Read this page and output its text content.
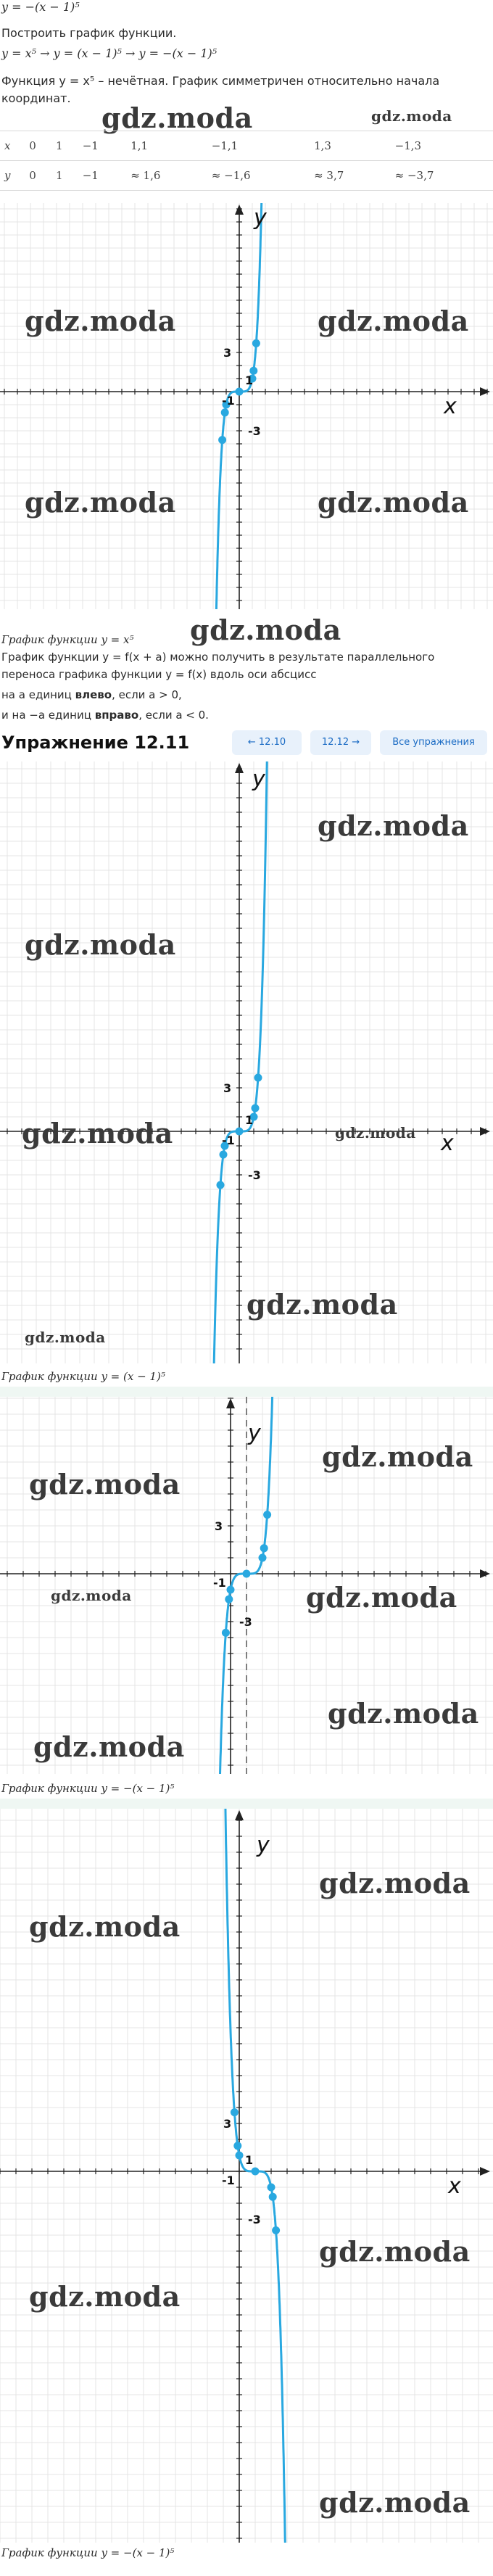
y = −(x − 1)⁵
Построить график функции.
y = x⁵ → y = (x − 1)⁵ → y = −(x − 1)⁵
Функция y = x⁵ – нечётная. График симметричен относительно начала
координат.
gdz.moda	gdz.moda
x	0	1	−1	1,1	−1,1	1,3	−1,3
y	0	1	−1	≈ 1,6	≈ −1,6	≈ 3,7	≈ −3,7
x
y
1
-1
3
-3
gdz.moda	gdz.moda
gdz.moda	gdz.moda
График функции y = x⁵ gdz.moda
График функции y = f(x + a) можно получить в результате параллельного
переноса графика функции y = f(x) вдоль оси абсцисс
на a единиц влево, если a > 0,
и на −a единиц вправо, если a < 0.
Упражнение 12.11	← 12.10	12.12 →	Все упражнения
x
y
1
-1
3
-3
gdz.moda
gdz.moda
gdz.moda	gdz.moda
gdz.moda
gdz.moda
График функции y = (x − 1)⁵
y
3
-1
-3
gdz.moda
gdz.moda
gdz.moda	gdz.moda
gdz.moda
gdz.moda
График функции y = −(x − 1)⁵
x
y
1
-1
3
-3
gdz.moda
gdz.moda
gdz.moda
gdz.moda
gdz.moda
График функции y = −(x − 1)⁵
